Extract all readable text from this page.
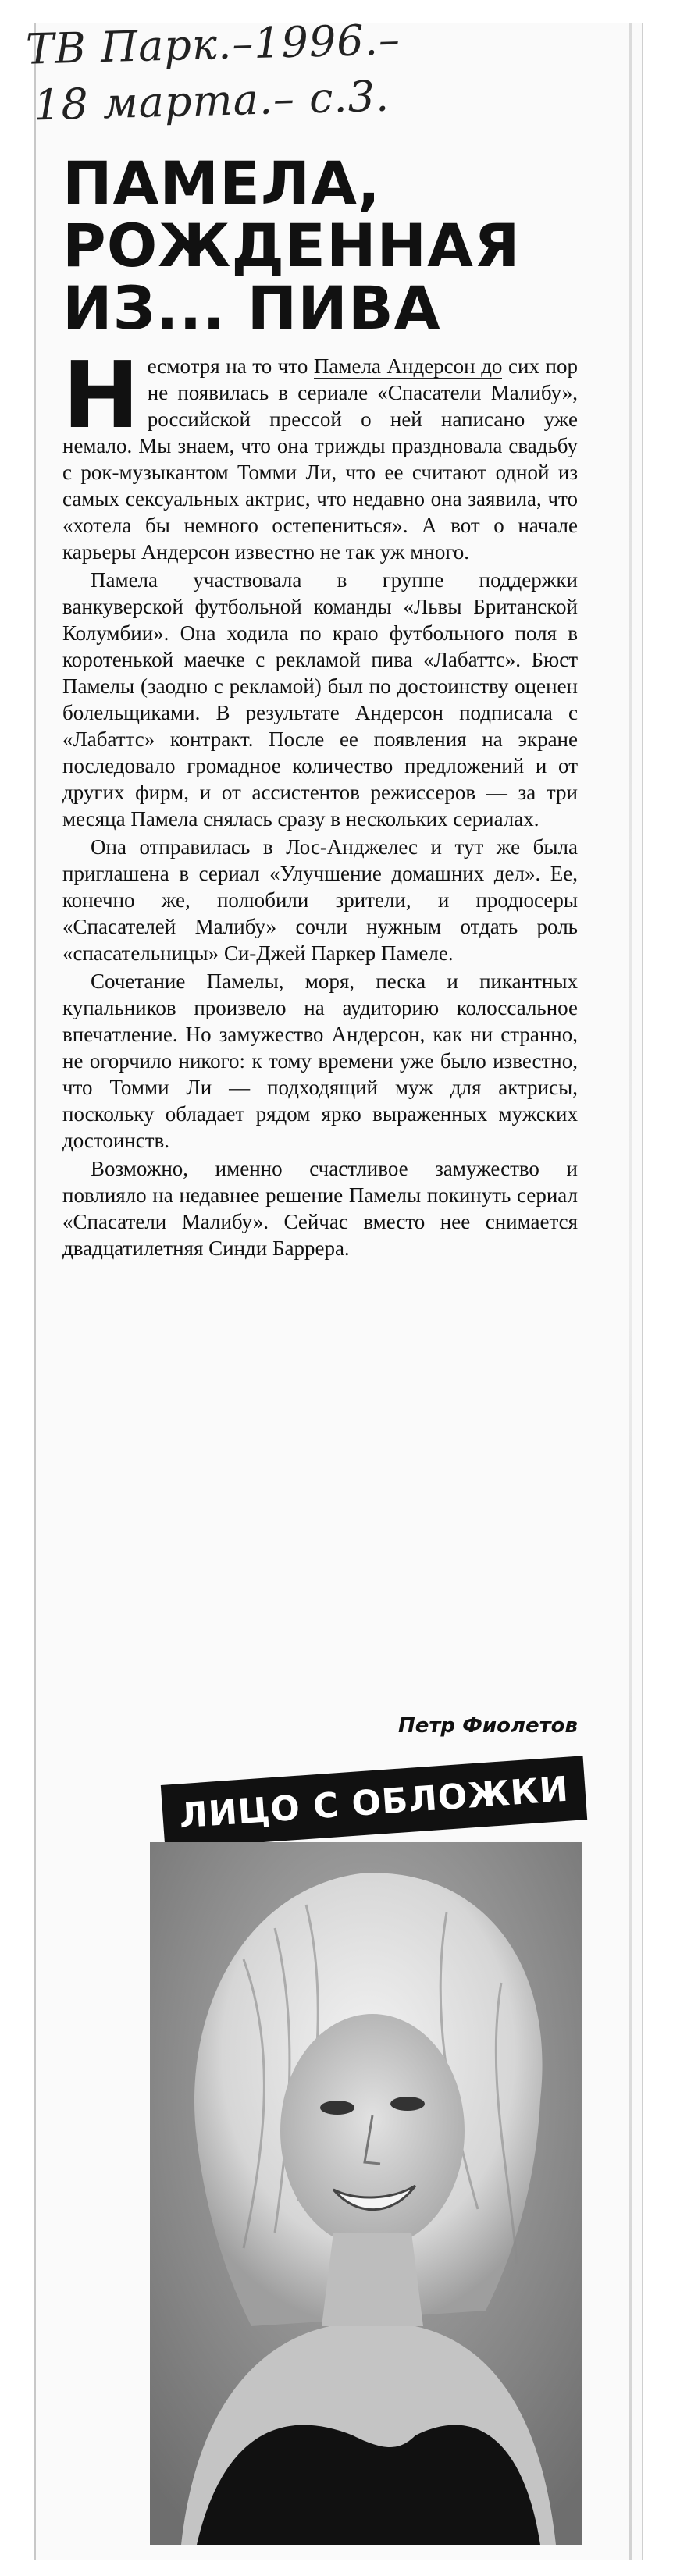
ТВ Парк.–1996.–
18 марта.– с.3.
ПАМЕЛА,
РОЖДЕННАЯ
ИЗ... ПИВА

Несмотря на то что Памела Андерсон до сих пор не появилась в сериале «Спасатели Малибу», российской прессой о ней написано уже немало. Мы знаем, что она трижды праздновала свадьбу с рок-музыкантом Томми Ли, что ее считают одной из самых сексуальных актрис, что недавно она заявила, что «хотела бы немного остепениться». А вот о начале карьеры Андерсон известно не так уж много.

Памела участвовала в группе поддержки ванкуверской футбольной команды «Львы Британской Колумбии». Она ходила по краю футбольного поля в коротенькой маечке с рекламой пива «Лабаттс». Бюст Памелы (заодно с рекламой) был по достоинству оценен болельщиками. В результате Андерсон подписала с «Лабаттс» контракт. После ее появления на экране последовало громадное количество предложений и от других фирм, и от ассистентов режиссеров — за три месяца Памела снялась сразу в нескольких сериалах.

Она отправилась в Лос-Анджелес и тут же была приглашена в сериал «Улучшение домашних дел». Ее, конечно же, полюбили зрители, и продюсеры «Спасателей Малибу» сочли нужным отдать роль «спасательницы» Си-Джей Паркер Памеле.

Сочетание Памелы, моря, песка и пикантных купальников произвело на аудиторию колоссальное впечатление. Но замужество Андерсон, как ни странно, не огорчило никого: к тому времени уже было известно, что Томми Ли — подходящий муж для актрисы, поскольку обладает рядом ярко выраженных мужских достоинств.

Возможно, именно счастливое замужество и повлияло на недавнее решение Памелы покинуть сериал «Спасатели Малибу». Сейчас вместо нее снимается двадцатилетняя Синди Баррера.

Петр Фиолетов
ЛИЦО С ОБЛОЖКИ
